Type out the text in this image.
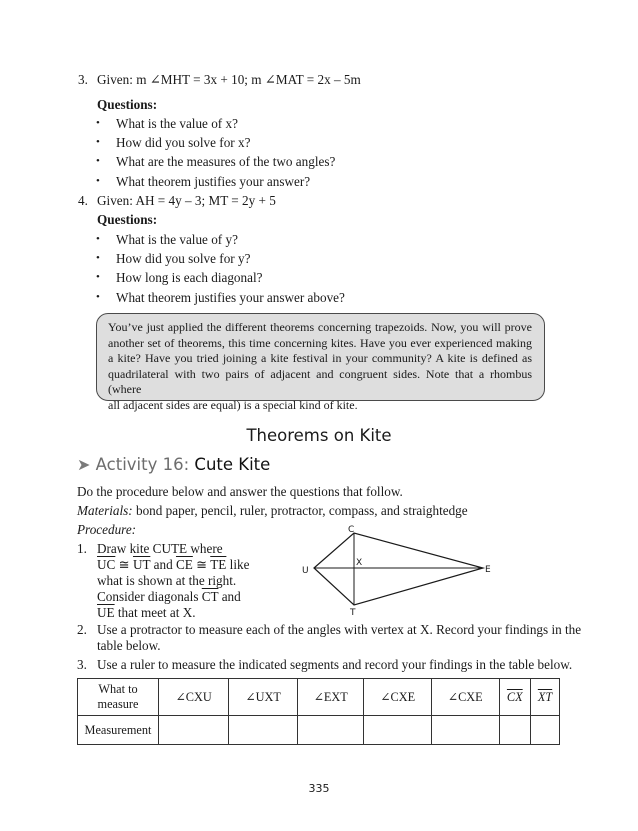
3. Given: m ∠MHT = 3x + 10; m ∠MAT = 2x – 5m
Questions:
• What is the value of x?
• How did you solve for x?
• What are the measures of the two angles?
• What theorem justifies your answer?
4. Given: AH = 4y – 3; MT = 2y + 5
Questions:
• What is the value of y?
• How did you solve for y?
• How long is each diagonal?
• What theorem justifies your answer above?
You’ve just applied the different theorems concerning trapezoids. Now, you will prove
another set of theorems, this time concerning kites. Have you ever experienced making
a kite? Have you tried joining a kite festival in your community? A kite is defined as
quadrilateral with two pairs of adjacent and congruent sides. Note that a rhombus (where
all adjacent sides are equal) is a special kind of kite.
Theorems on Kite
➤ Activity 16: Cute Kite
Do the procedure below and answer the questions that follow.
Materials: bond paper, pencil, ruler, protractor, compass, and straightedge
Procedure:
1. Draw kite CUTE where
$\overline{UC}$ ≅ $\overline{UT}$ and $\overline{CE}$ ≅ $\overline{TE}$ like
what is shown at the right.
Consider diagonals $\overline{CT}$ and
$\overline{UE}$ that meet at X.
C
U
X
E
T
2. Use a protractor to measure each of the angles with vertex at X. Record your findings in the
table below.
3. Use a ruler to measure the indicated segments and record your findings in the table below.
What to
measure	∠CXU	∠UXT	∠EXT	∠CXE	∠CXE	$\overline{CX}$	$\overline{XT}$
Measurement							
335
